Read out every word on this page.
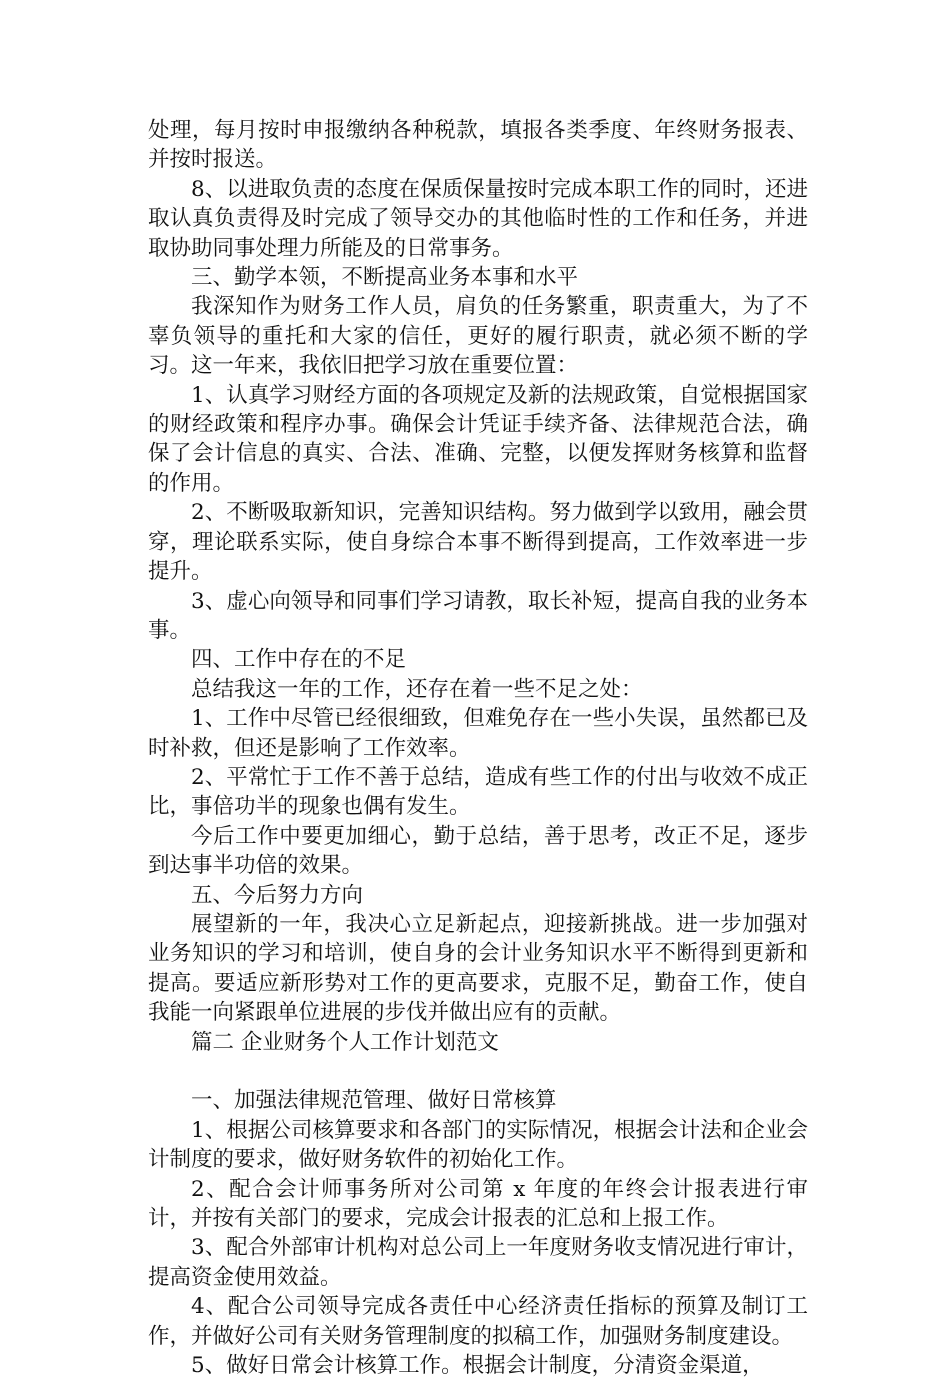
处理，每月按时申报缴纳各种税款，填报各类季度、年终财务报表、并按时报送。

8、以进取负责的态度在保质保量按时完成本职工作的同时，还进取认真负责得及时完成了领导交办的其他临时性的工作和任务，并进取协助同事处理力所能及的日常事务。

三、勤学本领，不断提高业务本事和水平

我深知作为财务工作人员，肩负的任务繁重，职责重大，为了不辜负领导的重托和大家的信任，更好的履行职责，就必须不断的学习。这一年来，我依旧把学习放在重要位置：

1、认真学习财经方面的各项规定及新的法规政策，自觉根据国家的财经政策和程序办事。确保会计凭证手续齐备、法律规范合法，确保了会计信息的真实、合法、准确、完整，以便发挥财务核算和监督的作用。

2、不断吸取新知识，完善知识结构。努力做到学以致用，融会贯穿，理论联系实际，使自身综合本事不断得到提高，工作效率进一步提升。

3、虚心向领导和同事们学习请教，取长补短，提高自我的业务本事。

四、工作中存在的不足

总结我这一年的工作，还存在着一些不足之处：

1、工作中尽管已经很细致，但难免存在一些小失误，虽然都已及时补救，但还是影响了工作效率。

2、平常忙于工作不善于总结，造成有些工作的付出与收效不成正比，事倍功半的现象也偶有发生。

今后工作中要更加细心，勤于总结，善于思考，改正不足，逐步到达事半功倍的效果。

五、今后努力方向

展望新的一年，我决心立足新起点，迎接新挑战。进一步加强对业务知识的学习和培训，使自身的会计业务知识水平不断得到更新和提高。要适应新形势对工作的更高要求，克服不足，勤奋工作，使自我能一向紧跟单位进展的步伐并做出应有的贡献。

篇二 企业财务个人工作计划范文

一、加强法律规范管理、做好日常核算

1、根据公司核算要求和各部门的实际情况，根据会计法和企业会计制度的要求，做好财务软件的初始化工作。

2、配合会计师事务所对公司第 x 年度的年终会计报表进行审计，并按有关部门的要求，完成会计报表的汇总和上报工作。

3、配合外部审计机构对总公司上一年度财务收支情况进行审计，提高资金使用效益。

4、配合公司领导完成各责任中心经济责任指标的预算及制订工作，并做好公司有关财务管理制度的拟稿工作，加强财务制度建设。

5、做好日常会计核算工作。根据会计制度，分清资金渠道，
